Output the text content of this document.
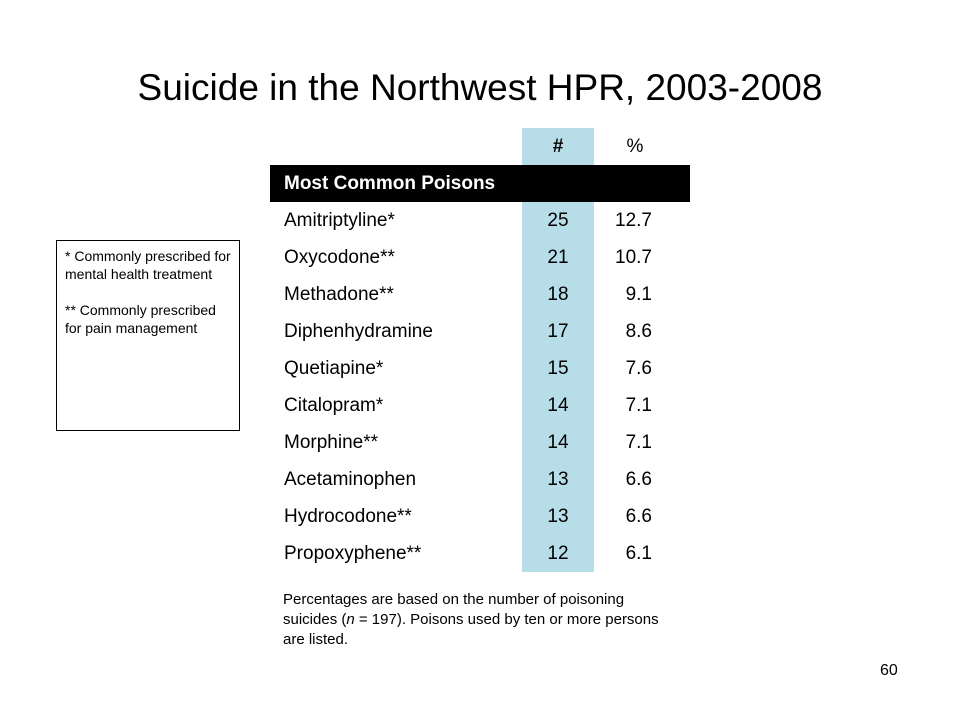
Suicide in the Northwest HPR, 2003-2008
#	%
Most Common Poisons
Amitriptyline*	25	12.7
Oxycodone**	21	10.7
Methadone**	18	9.1
Diphenhydramine	17	8.6
Quetiapine*	15	7.6
Citalopram*	14	7.1
Morphine**	14	7.1
Acetaminophen	13	6.6
Hydrocodone**	13	6.6
Propoxyphene**	12	6.1
Percentages are based on the number of poisoning suicides (n = 197). Poisons used by ten or more persons are listed.

* Commonly prescribed for mental health treatment

** Commonly prescribed for pain management

60
